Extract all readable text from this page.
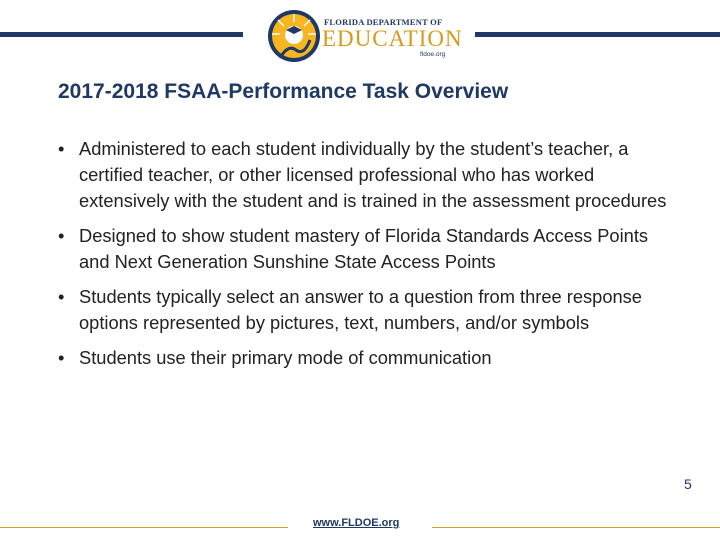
FLORIDA DEPARTMENT OF
EDUCATION
fldoe.org
2017-2018 FSAA-Performance Task Overview
• Administered to each student individually by the student’s teacher, a certified teacher, or other licensed professional who has worked extensively with the student and is trained in the assessment procedures
• Designed to show student mastery of Florida Standards Access Points and Next Generation Sunshine State Access Points
• Students typically select an answer to a question from three response options represented by pictures, text, numbers, and/or symbols
• Students use their primary mode of communication
www.FLDOE.org
5
